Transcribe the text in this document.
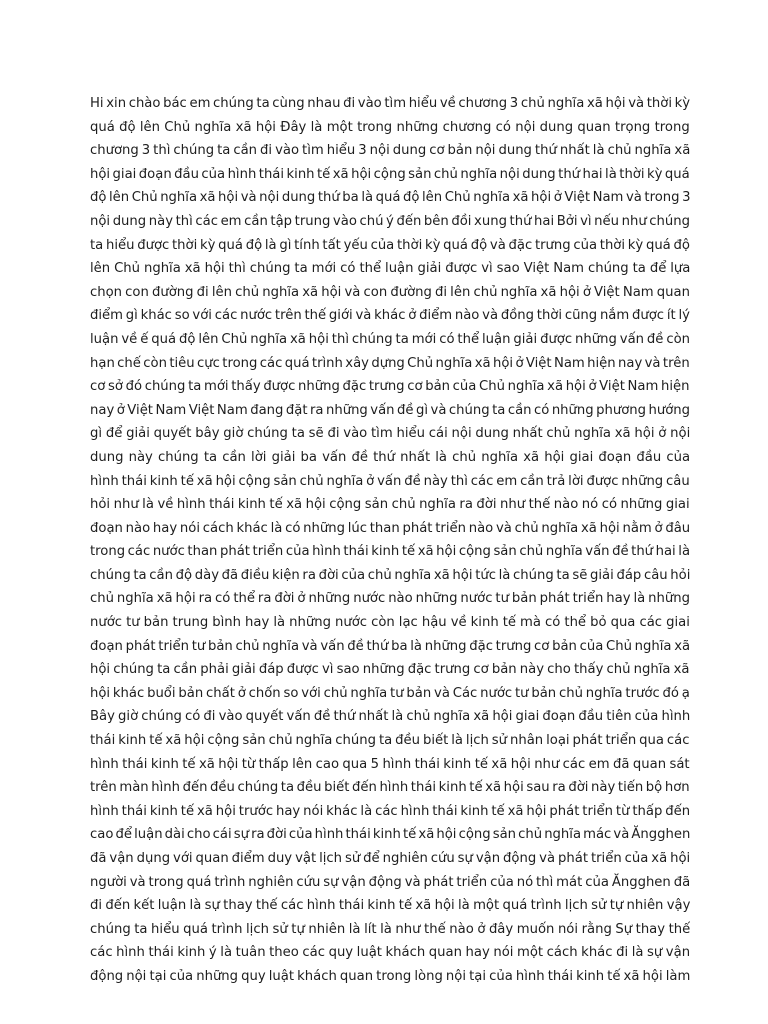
Hi xin chào bác em chúng ta cùng nhau đi vào tìm hiểu về chương 3 chủ nghĩa xã hội và thời kỳ
quá độ lên Chủ nghĩa xã hội Đây là một trong những chương có nội dung quan trọng trong
chương 3 thì chúng ta cần đi vào tìm hiểu 3 nội dung cơ bản nội dung thứ nhất là chủ nghĩa xã
hội giai đoạn đầu của hình thái kinh tế xã hội cộng sản chủ nghĩa nội dung thứ hai là thời kỳ quá
độ lên Chủ nghĩa xã hội và nội dung thứ ba là quá độ lên Chủ nghĩa xã hội ở Việt Nam và trong 3
nội dung này thì các em cần tập trung vào chú ý đến bên đồi xung thứ hai Bởi vì nếu như chúng
ta hiểu được thời kỳ quá độ là gì tính tất yếu của thời kỳ quá độ và đặc trưng của thời kỳ quá độ
lên Chủ nghĩa xã hội thì chúng ta mới có thể luận giải được vì sao Việt Nam chúng ta để lựa
chọn con đường đi lên chủ nghĩa xã hội và con đường đi lên chủ nghĩa xã hội ở Việt Nam quan
điểm gì khác so với các nước trên thế giới và khác ở điểm nào và đồng thời cũng nắm được ít lý
luận về ế quá độ lên Chủ nghĩa xã hội thì chúng ta mới có thể luận giải được những vấn đề còn
hạn chế còn tiêu cực trong các quá trình xây dựng Chủ nghĩa xã hội ở Việt Nam hiện nay và trên
cơ sở đó chúng ta mới thấy được những đặc trưng cơ bản của Chủ nghĩa xã hội ở Việt Nam hiện
nay ở Việt Nam Việt Nam đang đặt ra những vấn đề gì và chúng ta cần có những phương hướng
gì để giải quyết bây giờ chúng ta sẽ đi vào tìm hiểu cái nội dung nhất chủ nghĩa xã hội ở nội
dung này chúng ta cần lời giải ba vấn đề thứ nhất là chủ nghĩa xã hội giai đoạn đầu của
hình thái kinh tế xã hội cộng sản chủ nghĩa ở vấn đề này thì các em cần trả lời được những câu
hỏi như là về hình thái kinh tế xã hội cộng sản chủ nghĩa ra đời như thế nào nó có những giai
đoạn nào hay nói cách khác là có những lúc than phát triển nào và chủ nghĩa xã hội nằm ở đâu
trong các nước than phát triển của hình thái kinh tế xã hội cộng sản chủ nghĩa vấn đề thứ hai là
chúng ta cần độ dày đã điều kiện ra đời của chủ nghĩa xã hội tức là chúng ta sẽ giải đáp câu hỏi
chủ nghĩa xã hội ra có thể ra đời ở những nước nào những nước tư bản phát triển hay là những
nước tư bản trung bình hay là những nước còn lạc hậu về kinh tế mà có thể bỏ qua các giai
đoạn phát triển tư bản chủ nghĩa và vấn đề thứ ba là những đặc trưng cơ bản của Chủ nghĩa xã
hội chúng ta cần phải giải đáp được vì sao những đặc trưng cơ bản này cho thấy chủ nghĩa xã
hội khác buổi bản chất ở chốn so với chủ nghĩa tư bản và Các nước tư bản chủ nghĩa trước đó ạ
Bây giờ chúng có đi vào quyết vấn đề thứ nhất là chủ nghĩa xã hội giai đoạn đầu tiên của hình
thái kinh tế xã hội cộng sản chủ nghĩa chúng ta đều biết là lịch sử nhân loại phát triển qua các
hình thái kinh tế xã hội từ thấp lên cao qua 5 hình thái kinh tế xã hội như các em đã quan sát
trên màn hình đến đều chúng ta đều biết đến hình thái kinh tế xã hội sau ra đời này tiến bộ hơn
hình thái kinh tế xã hội trước hay nói khác là các hình thái kinh tế xã hội phát triển từ thấp đến
cao để luận dài cho cái sự ra đời của hình thái kinh tế xã hội cộng sản chủ nghĩa mác và Ăngghen
đã vận dụng với quan điểm duy vật lịch sử để nghiên cứu sự vận động và phát triển của xã hội
người và trong quá trình nghiên cứu sự vận động và phát triển của nó thì mát của Ăngghen đã
đi đến kết luận là sự thay thế các hình thái kinh tế xã hội là một quá trình lịch sử tự nhiên vậy
chúng ta hiểu quá trình lịch sử tự nhiên là lít là như thế nào ở đây muốn nói rằng Sự thay thế
các hình thái kinh ý là tuân theo các quy luật khách quan hay nói một cách khác đi là sự vận
động nội tại của những quy luật khách quan trong lòng nội tại của hình thái kinh tế xã hội làm
